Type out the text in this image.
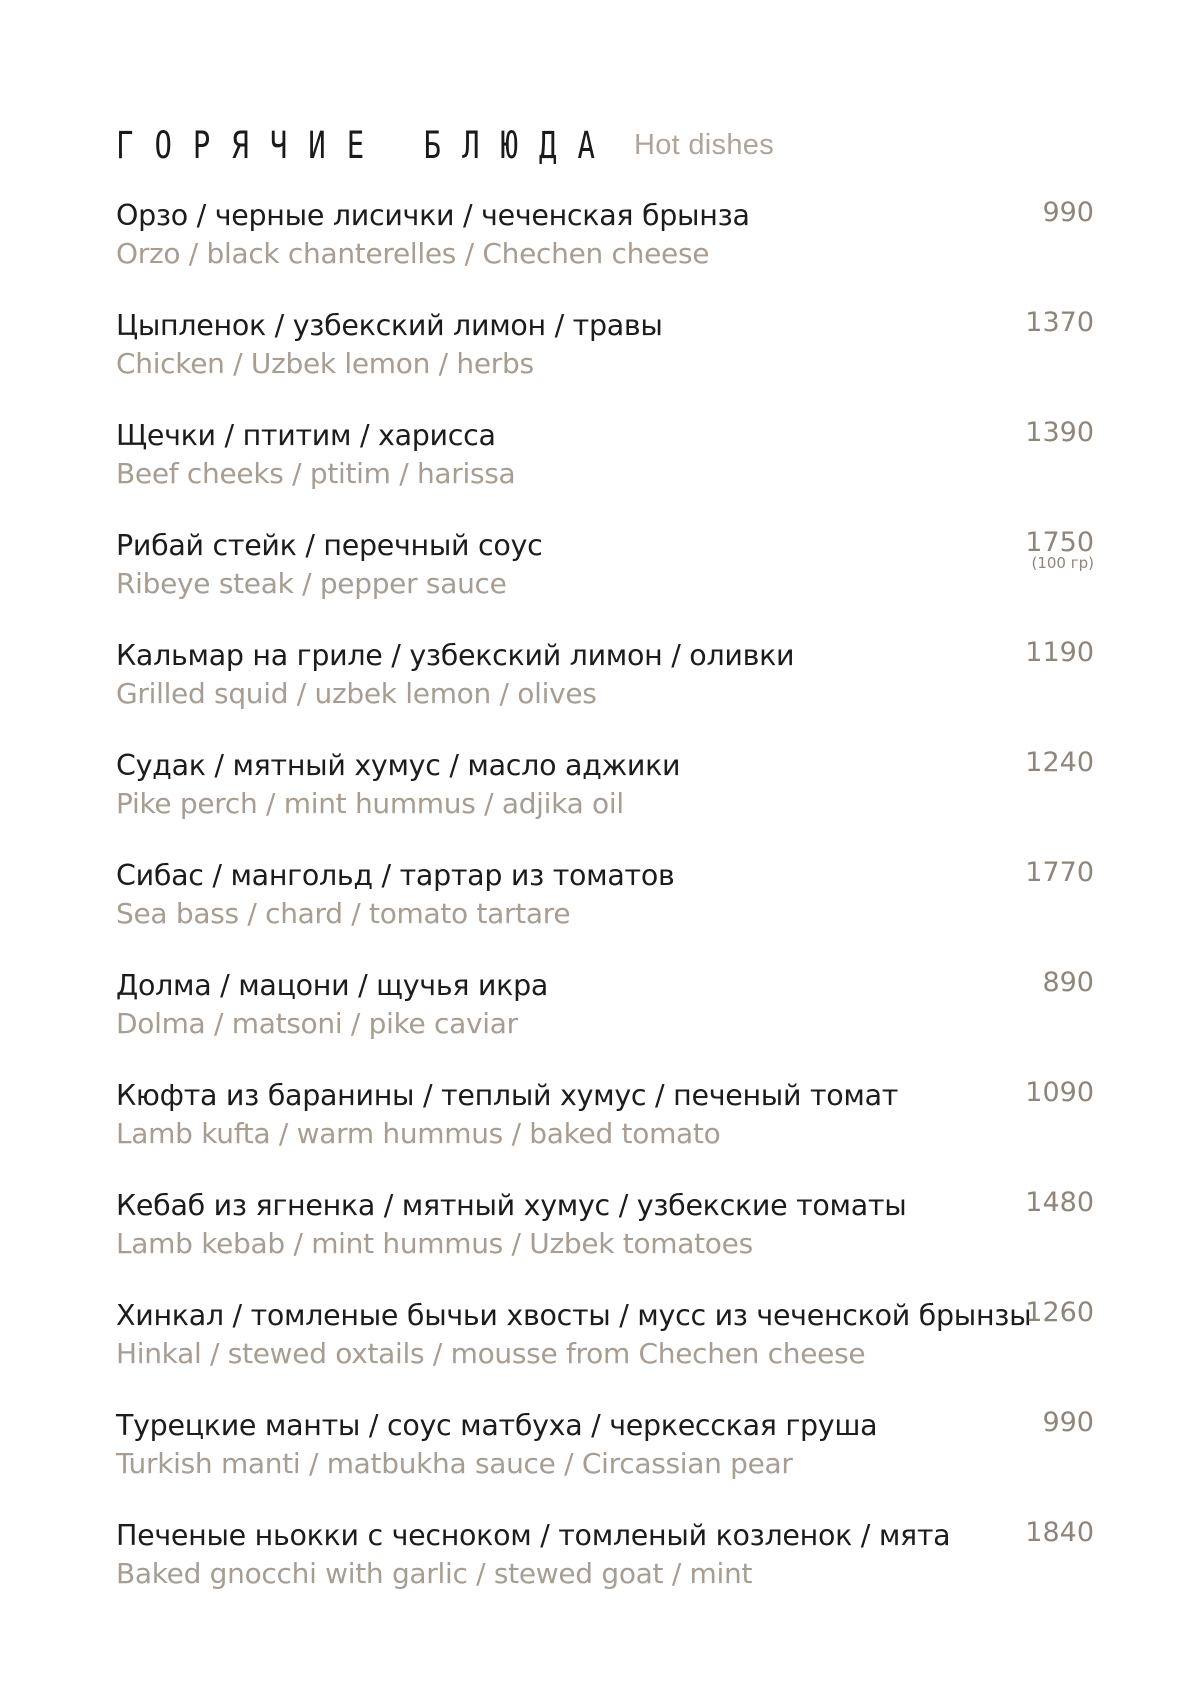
ГОРЯЧИЕ БЛЮДА Hot dishes
Орзо / черные лисички / чеченская брынза
Orzo / black chanterelles / Chechen cheese
990
Цыпленок / узбекский лимон / травы
Chicken / Uzbek lemon / herbs
1370
Щечки / птитим / харисса
Beef cheeks / ptitim / harissa
1390
Рибай стейк / перечный соус
Ribeye steak / pepper sauce
1750
(100 гр)
Кальмар на гриле / узбекский лимон / оливки
Grilled squid / uzbek lemon / olives
1190
Судак / мятный хумус / масло аджики
Pike perch / mint hummus / adjika oil
1240
Сибас / мангольд / тартар из томатов
Sea bass / chard / tomato tartare
1770
Долма / мацони / щучья икра
Dolma / matsoni / pike caviar
890
Кюфта из баранины / теплый хумус / печеный томат
Lamb kufta / warm hummus / baked tomato
1090
Кебаб из ягненка / мятный хумус / узбекские томаты
Lamb kebab / mint hummus / Uzbek tomatoes
1480
Хинкал / томленые бычьи хвосты / мусс из чеченской брынзы
Hinkal / stewed oxtails / mousse from Chechen cheese
1260
Турецкие манты / соус матбуха / черкесская груша
Turkish manti / matbukha sauce / Circassian pear
990
Печеные ньокки с чесноком / томленый козленок / мята
Baked gnocchi with garlic / stewed goat / mint
1840
